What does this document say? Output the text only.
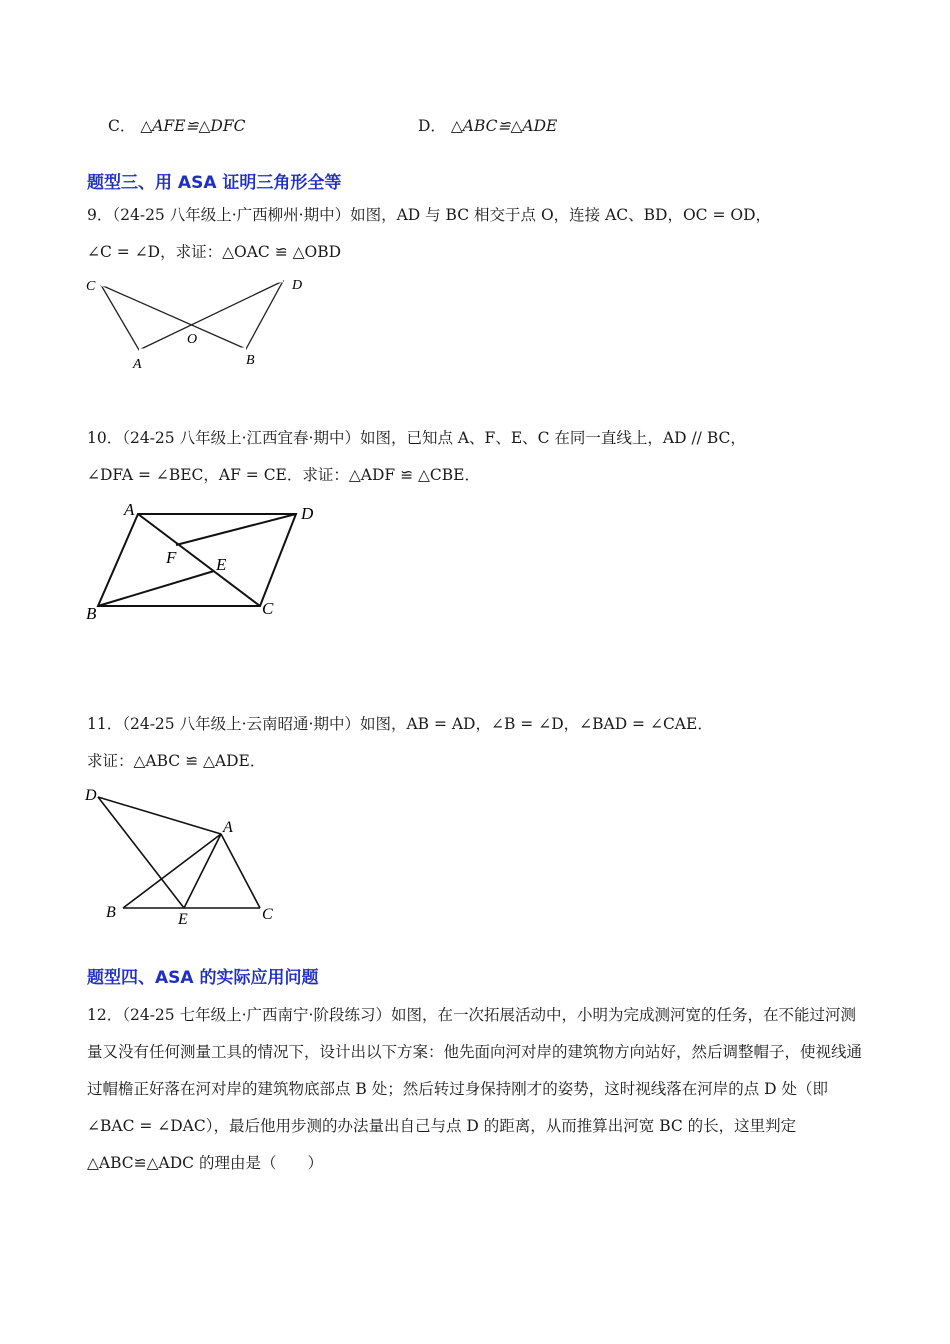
C． △AFE≌△DFC	D． △ABC≌△ADE
题型三、用 ASA 证明三角形全等
9．（24-25 八年级上·广西柳州·期中）如图，AD 与 BC 相交于点 O，连接 AC、BD，OC = OD，
∠C = ∠D，求证：△OAC ≌ △OBD
C	D
O
A	B
10．（24-25 八年级上·江西宜春·期中）如图，已知点 A、F、E、C 在同一直线上，AD // BC，
∠DFA = ∠BEC，AF = CE．求证：△ADF ≌ △CBE．
A	D
F E
B	C
11．（24-25 八年级上·云南昭通·期中）如图，AB = AD，∠B = ∠D，∠BAD = ∠CAE．
求证：△ABC ≌ △ADE．
D
A
B	E	C
题型四、ASA 的实际应用问题
12．（24-25 七年级上·广西南宁·阶段练习）如图，在一次拓展活动中，小明为完成测河宽的任务，在不能过河测量又没有任何测量工具的情况下，设计出以下方案：他先面向河对岸的建筑物方向站好，然后调整帽子，使视线通过帽檐正好落在河对岸的建筑物底部点 B 处；然后转过身保持刚才的姿势，这时视线落在河岸的点 D 处（即∠BAC = ∠DAC），最后他用步测的办法量出自己与点 D 的距离，从而推算出河宽 BC 的长，这里判定△ABC≌△ADC 的理由是（　　）
